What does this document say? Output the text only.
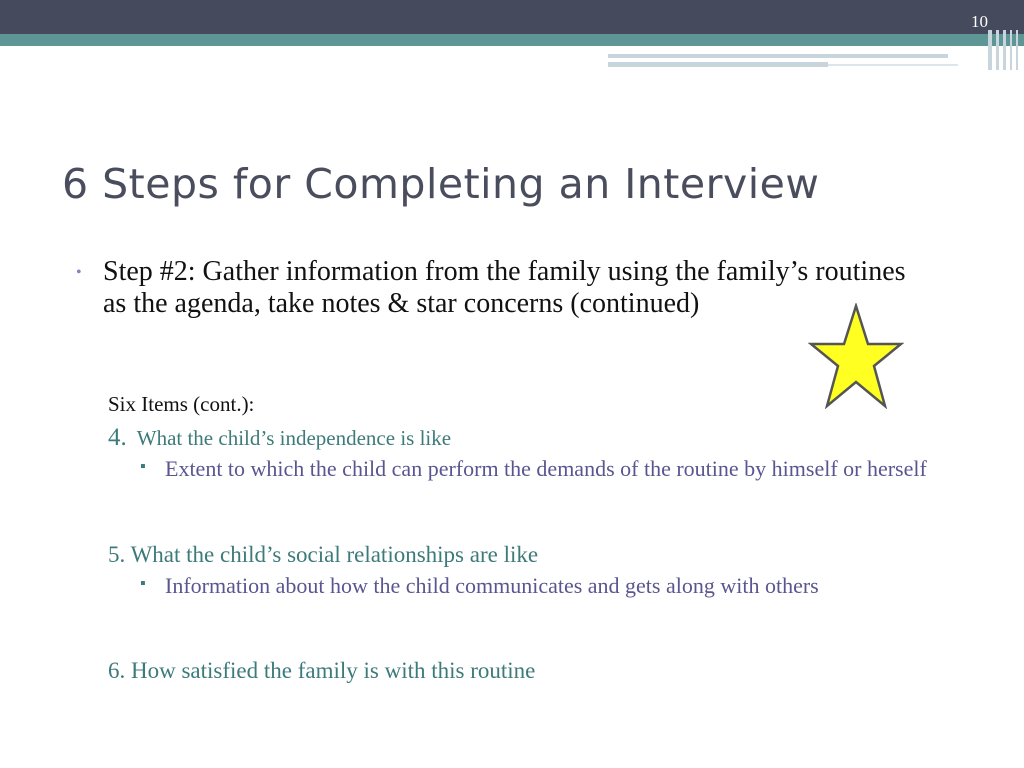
10
6 Steps for Completing an Interview
• Step #2: Gather information from the family using the family’s routines as the agenda, take notes & star concerns (continued)
Six Items (cont.):
4. What the child’s independence is like
▪ Extent to which the child can perform the demands of the routine by himself or herself
5. What the child’s social relationships are like
▪ Information about how the child communicates and gets along with others
6. How satisfied the family is with this routine
